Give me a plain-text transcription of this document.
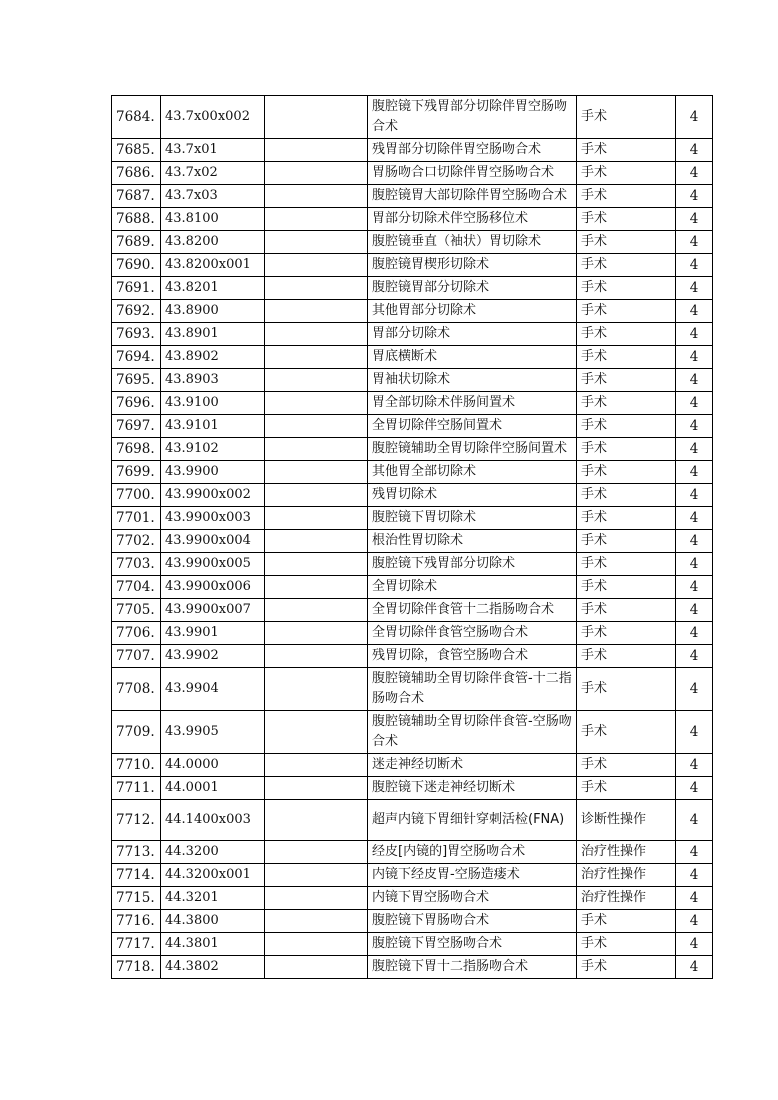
7684.	43.7x00x002		腹腔镜下残胃部分切除伴胃空肠吻合术	手术	4
7685.	43.7x01		残胃部分切除伴胃空肠吻合术	手术	4
7686.	43.7x02		胃肠吻合口切除伴胃空肠吻合术	手术	4
7687.	43.7x03		腹腔镜胃大部切除伴胃空肠吻合术	手术	4
7688.	43.8100		胃部分切除术伴空肠移位术	手术	4
7689.	43.8200		腹腔镜垂直（袖状）胃切除术	手术	4
7690.	43.8200x001		腹腔镜胃楔形切除术	手术	4
7691.	43.8201		腹腔镜胃部分切除术	手术	4
7692.	43.8900		其他胃部分切除术	手术	4
7693.	43.8901		胃部分切除术	手术	4
7694.	43.8902		胃底横断术	手术	4
7695.	43.8903		胃袖状切除术	手术	4
7696.	43.9100		胃全部切除术伴肠间置术	手术	4
7697.	43.9101		全胃切除伴空肠间置术	手术	4
7698.	43.9102		腹腔镜辅助全胃切除伴空肠间置术	手术	4
7699.	43.9900		其他胃全部切除术	手术	4
7700.	43.9900x002		残胃切除术	手术	4
7701.	43.9900x003		腹腔镜下胃切除术	手术	4
7702.	43.9900x004		根治性胃切除术	手术	4
7703.	43.9900x005		腹腔镜下残胃部分切除术	手术	4
7704.	43.9900x006		全胃切除术	手术	4
7705.	43.9900x007		全胃切除伴食管十二指肠吻合术	手术	4
7706.	43.9901		全胃切除伴食管空肠吻合术	手术	4
7707.	43.9902		残胃切除，食管空肠吻合术	手术	4
7708.	43.9904		腹腔镜辅助全胃切除伴食管-十二指肠吻合术	手术	4
7709.	43.9905		腹腔镜辅助全胃切除伴食管-空肠吻合术	手术	4
7710.	44.0000		迷走神经切断术	手术	4
7711.	44.0001		腹腔镜下迷走神经切断术	手术	4
7712.	44.1400x003		超声内镜下胃细针穿刺活检(FNA)	诊断性操作	4
7713.	44.3200		经皮[内镜的]胃空肠吻合术	治疗性操作	4
7714.	44.3200x001		内镜下经皮胃-空肠造瘘术	治疗性操作	4
7715.	44.3201		内镜下胃空肠吻合术	治疗性操作	4
7716.	44.3800		腹腔镜下胃肠吻合术	手术	4
7717.	44.3801		腹腔镜下胃空肠吻合术	手术	4
7718.	44.3802		腹腔镜下胃十二指肠吻合术	手术	4
